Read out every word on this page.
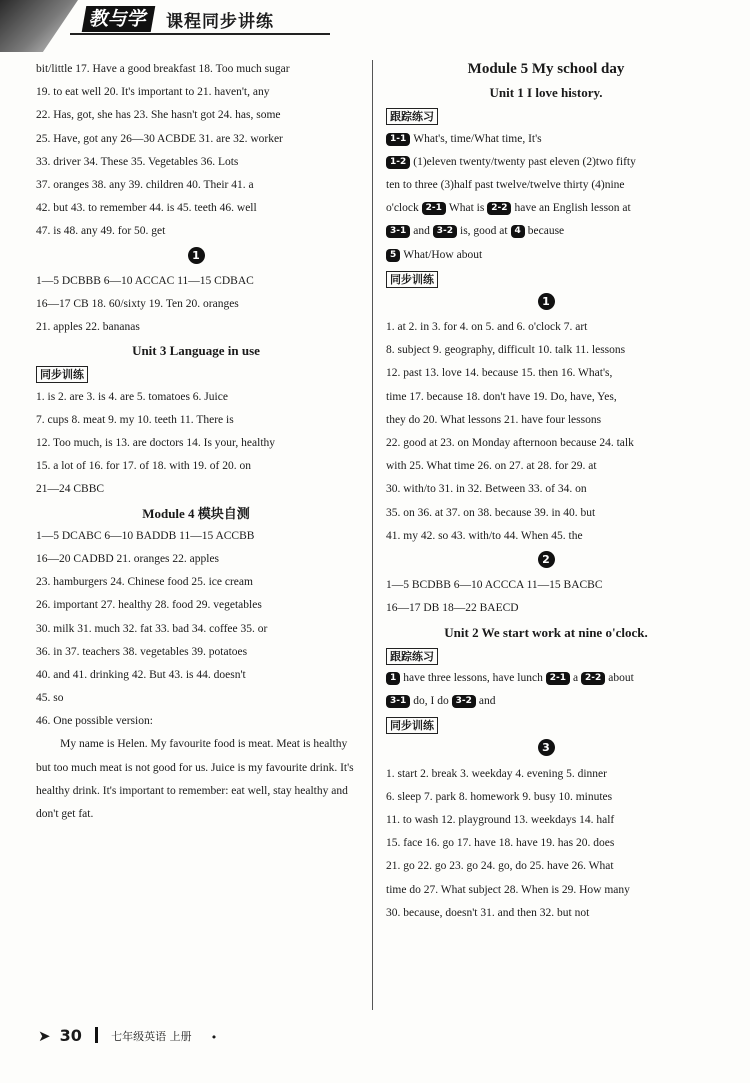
教与学	课程同步讲练
bit/little 17. Have a good breakfast 18. Too much sugar
19. to eat well 20. It's important to 21. haven't, any
22. Has, got, she has 23. She hasn't got 24. has, some
25. Have, got any 26—30 ACBDE 31. are 32. worker
33. driver 34. These 35. Vegetables 36. Lots
37. oranges 38. any 39. children 40. Their 41. a
42. but 43. to remember 44. is 45. teeth 46. well
47. is 48. any 49. for 50. get
1
1—5 DCBBB 6—10 ACCAC 11—15 CDBAC
16—17 CB 18. 60/sixty 19. Ten 20. oranges
21. apples 22. bananas
Unit 3 Language in use
同步训练
1. is 2. are 3. is 4. are 5. tomatoes 6. Juice
7. cups 8. meat 9. my 10. teeth 11. There is
12. Too much, is 13. are doctors 14. Is your, healthy
15. a lot of 16. for 17. of 18. with 19. of 20. on
21—24 CBBC
Module 4 模块自测
1—5 DCABC 6—10 BADDB 11—15 ACCBB
16—20 CADBD 21. oranges 22. apples
23. hamburgers 24. Chinese food 25. ice cream
26. important 27. healthy 28. food 29. vegetables
30. milk 31. much 32. fat 33. bad 34. coffee 35. or
36. in 37. teachers 38. vegetables 39. potatoes
40. and 41. drinking 42. But 43. is 44. doesn't
45. so
46. One possible version:

My name is Helen. My favourite food is meat. Meat is healthy but too much meat is not good for us. Juice is my favourite drink. It's healthy drink. It's important to remember: eat well, stay healthy and don't get fat.

Module 5 My school day
Unit 1 I love history.
跟踪练习
1-1 What's, time/What time, It's
1-2 (1)eleven twenty/twenty past eleven (2)two fifty
ten to three (3)half past twelve/twelve thirty (4)nine
o'clock 2-1 What is 2-2 have an English lesson at
3-1 and 3-2 is, good at 4 because
5 What/How about
同步训练
1
1. at 2. in 3. for 4. on 5. and 6. o'clock 7. art
8. subject 9. geography, difficult 10. talk 11. lessons
12. past 13. love 14. because 15. then 16. What's,
time 17. because 18. don't have 19. Do, have, Yes,
they do 20. What lessons 21. have four lessons
22. good at 23. on Monday afternoon because 24. talk
with 25. What time 26. on 27. at 28. for 29. at
30. with/to 31. in 32. Between 33. of 34. on
35. on 36. at 37. on 38. because 39. in 40. but
41. my 42. so 43. with/to 44. When 45. the
2
1—5 BCDBB 6—10 ACCCA 11—15 BACBC
16—17 DB 18—22 BAECD
Unit 2 We start work at nine o'clock.
跟踪练习
1 have three lessons, have lunch 2-1 a 2-2 about
3-1 do, I do 3-2 and
同步训练
3
1. start 2. break 3. weekday 4. evening 5. dinner
6. sleep 7. park 8. homework 9. busy 10. minutes
11. to wash 12. playground 13. weekdays 14. half
15. face 16. go 17. have 18. have 19. has 20. does
21. go 22. go 23. go 24. go, do 25. have 26. What
time do 27. What subject 28. When is 29. How many
30. because, doesn't 31. and then 32. but not
➤ 30	七年级英语 上册 •
